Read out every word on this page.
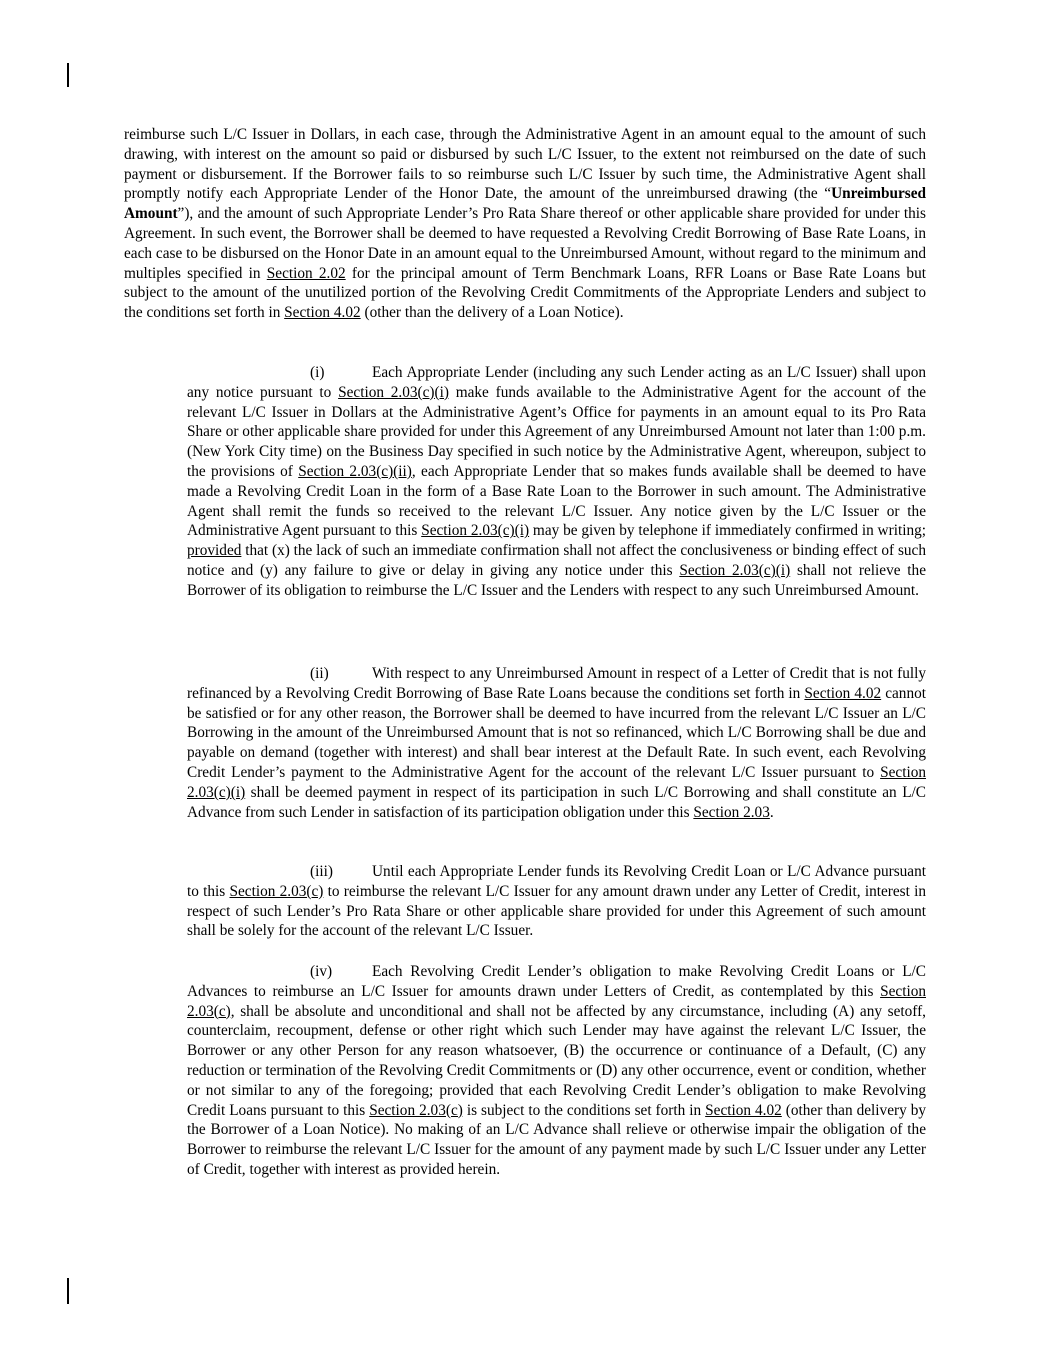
reimburse such L/C Issuer in Dollars, in each case, through the Administrative Agent in an amount equal to the amount of such drawing, with interest on the amount so paid or disbursed by such L/C Issuer, to the extent not reimbursed on the date of such payment or disbursement. If the Borrower fails to so reimburse such L/C Issuer by such time, the Administrative Agent shall promptly notify each Appropriate Lender of the Honor Date, the amount of the unreimbursed drawing (the “Unreimbursed Amount”), and the amount of such Appropriate Lender’s Pro Rata Share thereof or other applicable share provided for under this Agreement. In such event, the Borrower shall be deemed to have requested a Revolving Credit Borrowing of Base Rate Loans, in each case to be disbursed on the Honor Date in an amount equal to the Unreimbursed Amount, without regard to the minimum and multiples specified in Section 2.02 for the principal amount of Term Benchmark Loans, RFR Loans or Base Rate Loans but subject to the amount of the unutilized portion of the Revolving Credit Commitments of the Appropriate Lenders and subject to the conditions set forth in Section 4.02 (other than the delivery of a Loan Notice).

(i)	Each Appropriate Lender (including any such Lender acting as an L/C Issuer) shall upon any notice pursuant to Section 2.03(c)(i) make funds available to the Administrative Agent for the account of the relevant L/C Issuer in Dollars at the Administrative Agent’s Office for payments in an amount equal to its Pro Rata Share or other applicable share provided for under this Agreement of any Unreimbursed Amount not later than 1:00 p.m. (New York City time) on the Business Day specified in such notice by the Administrative Agent, whereupon, subject to the provisions of Section 2.03(c)(ii), each Appropriate Lender that so makes funds available shall be deemed to have made a Revolving Credit Loan in the form of a Base Rate Loan to the Borrower in such amount. The Administrative Agent shall remit the funds so received to the relevant L/C Issuer. Any notice given by the L/C Issuer or the Administrative Agent pursuant to this Section 2.03(c)(i) may be given by telephone if immediately confirmed in writing; provided that (x) the lack of such an immediate confirmation shall not affect the conclusiveness or binding effect of such notice and (y) any failure to give or delay in giving any notice under this Section 2.03(c)(i) shall not relieve the Borrower of its obligation to reimburse the L/C Issuer and the Lenders with respect to any such Unreimbursed Amount.

(ii)	With respect to any Unreimbursed Amount in respect of a Letter of Credit that is not fully refinanced by a Revolving Credit Borrowing of Base Rate Loans because the conditions set forth in Section 4.02 cannot be satisfied or for any other reason, the Borrower shall be deemed to have incurred from the relevant L/C Issuer an L/C Borrowing in the amount of the Unreimbursed Amount that is not so refinanced, which L/C Borrowing shall be due and payable on demand (together with interest) and shall bear interest at the Default Rate. In such event, each Revolving Credit Lender’s payment to the Administrative Agent for the account of the relevant L/C Issuer pursuant to Section 2.03(c)(i) shall be deemed payment in respect of its participation in such L/C Borrowing and shall constitute an L/C Advance from such Lender in satisfaction of its participation obligation under this Section 2.03.

(iii)	Until each Appropriate Lender funds its Revolving Credit Loan or L/C Advance pursuant to this Section 2.03(c) to reimburse the relevant L/C Issuer for any amount drawn under any Letter of Credit, interest in respect of such Lender’s Pro Rata Share or other applicable share provided for under this Agreement of such amount shall be solely for the account of the relevant L/C Issuer.

(iv)	Each Revolving Credit Lender’s obligation to make Revolving Credit Loans or L/C Advances to reimburse an L/C Issuer for amounts drawn under Letters of Credit, as contemplated by this Section 2.03(c), shall be absolute and unconditional and shall not be affected by any circumstance, including (A) any setoff, counterclaim, recoupment, defense or other right which such Lender may have against the relevant L/C Issuer, the Borrower or any other Person for any reason whatsoever, (B) the occurrence or continuance of a Default, (C) any reduction or termination of the Revolving Credit Commitments or (D) any other occurrence, event or condition, whether or not similar to any of the foregoing; provided that each Revolving Credit Lender’s obligation to make Revolving Credit Loans pursuant to this Section 2.03(c) is subject to the conditions set forth in Section 4.02 (other than delivery by the Borrower of a Loan Notice). No making of an L/C Advance shall relieve or otherwise impair the obligation of the Borrower to reimburse the relevant L/C Issuer for the amount of any payment made by such L/C Issuer under any Letter of Credit, together with interest as provided herein.
